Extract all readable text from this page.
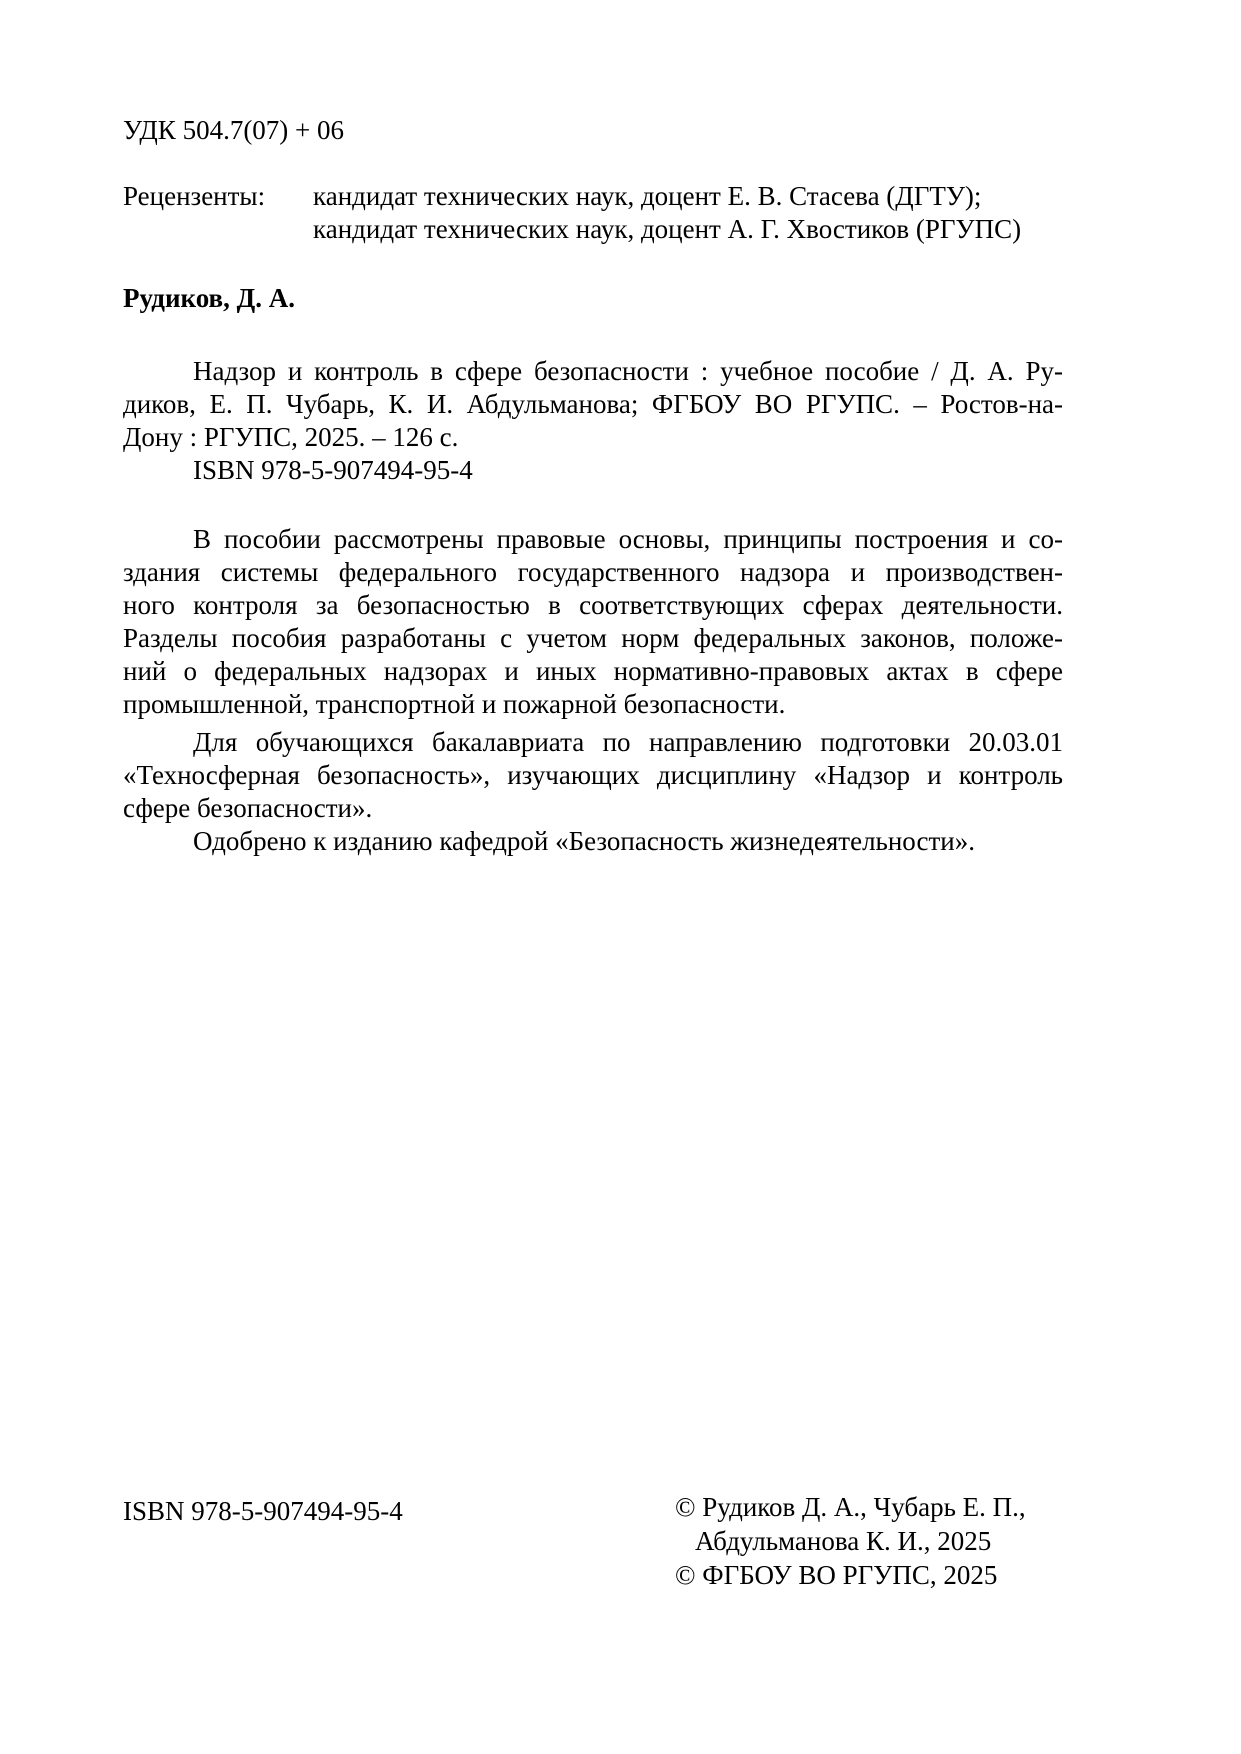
УДК 504.7(07) + 06
Рецензенты: кандидат технических наук, доцент Е. В. Стасева (ДГТУ);
кандидат технических наук, доцент А. Г. Хвостиков (РГУПС)
Рудиков, Д. А.
Надзор и контроль в сфере безопасности : учебное пособие / Д. А. Ру-
диков, Е. П. Чубарь, К. И. Абдульманова; ФГБОУ ВО РГУПС. – Ростов-на-
Дону : РГУПС, 2025. – 126 с.
ISBN 978-5-907494-95-4
В пособии рассмотрены правовые основы, принципы построения и со-
здания системы федерального государственного надзора и производствен-
ного контроля за безопасностью в соответствующих сферах деятельности.
Разделы пособия разработаны с учетом норм федеральных законов, положе-
ний о федеральных надзорах и иных нормативно-правовых актах в сфере
промышленной, транспортной и пожарной безопасности.
Для обучающихся бакалавриата по направлению подготовки 20.03.01
«Техносферная безопасность», изучающих дисциплину «Надзор и контроль
сфере безопасности».
Одобрено к изданию кафедрой «Безопасность жизнедеятельности».
ISBN 978-5-907494-95-4	© Рудиков Д. А., Чубарь Е. П.,
Абдульманова К. И., 2025
© ФГБОУ ВО РГУПС, 2025
